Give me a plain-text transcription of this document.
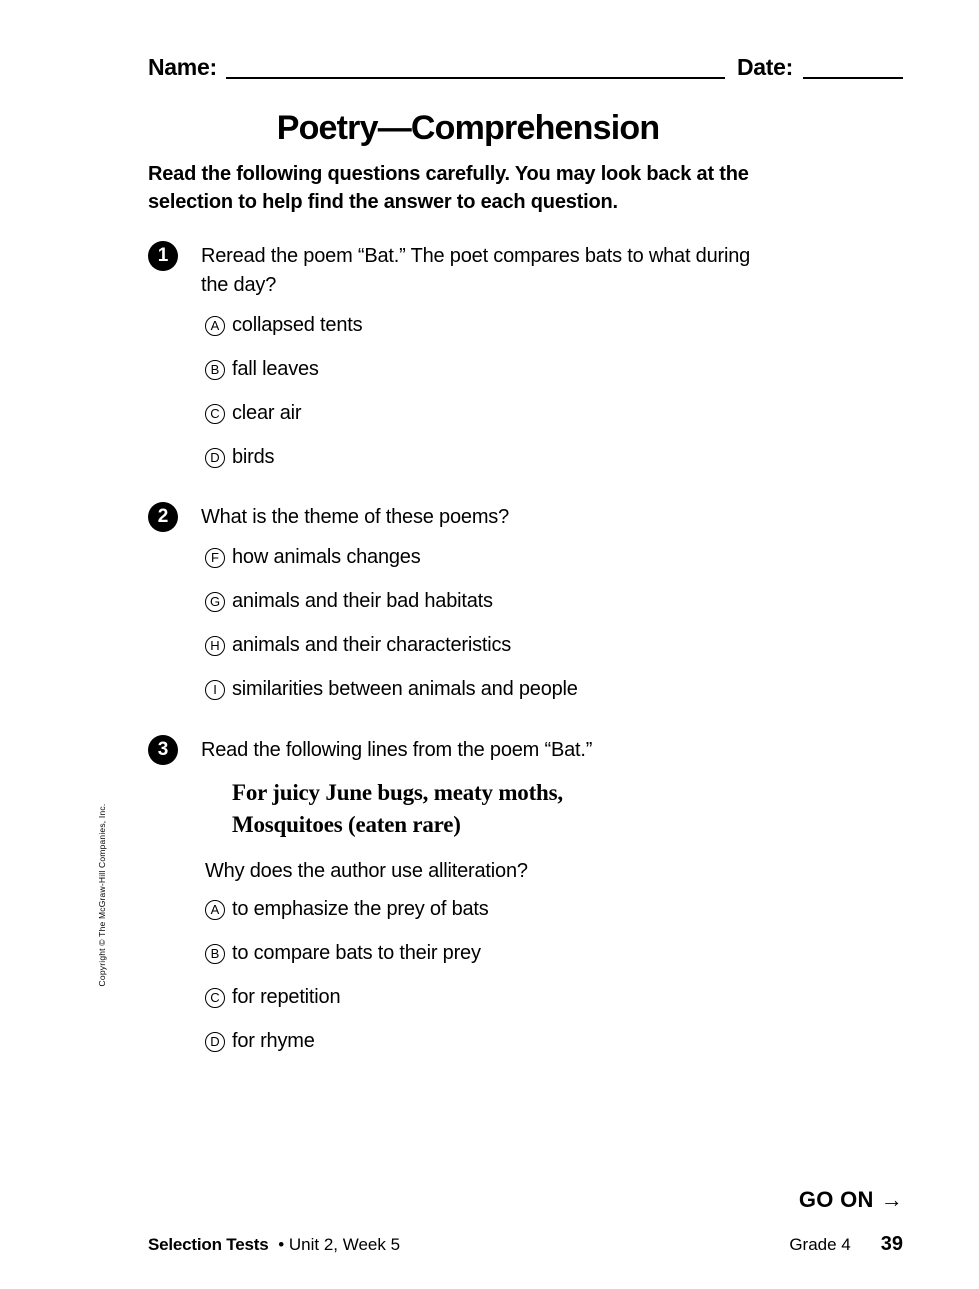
Name:	Date:
Poetry—Comprehension

Read the following questions carefully. You may look back at the selection to help find the answer to each question.

1	Reread the poem “Bat.” The poet compares bats to what during the day?

A collapsed tents
B fall leaves
C clear air
D birds
2	What is the theme of these poems?

F how animals changes
G animals and their bad habitats
H animals and their characteristics
I similarities between animals and people
3	Read the following lines from the poem “Bat.”

For juicy June bugs, meaty moths,
Mosquitoes (eaten rare)

Why does the author use alliteration?

A to emphasize the prey of bats
B to compare bats to their prey
C for repetition
D for rhyme
Copyright © The McGraw-Hill Companies, Inc.
GO ON →
Selection Tests • Unit 2, Week 5	Grade 4 39
